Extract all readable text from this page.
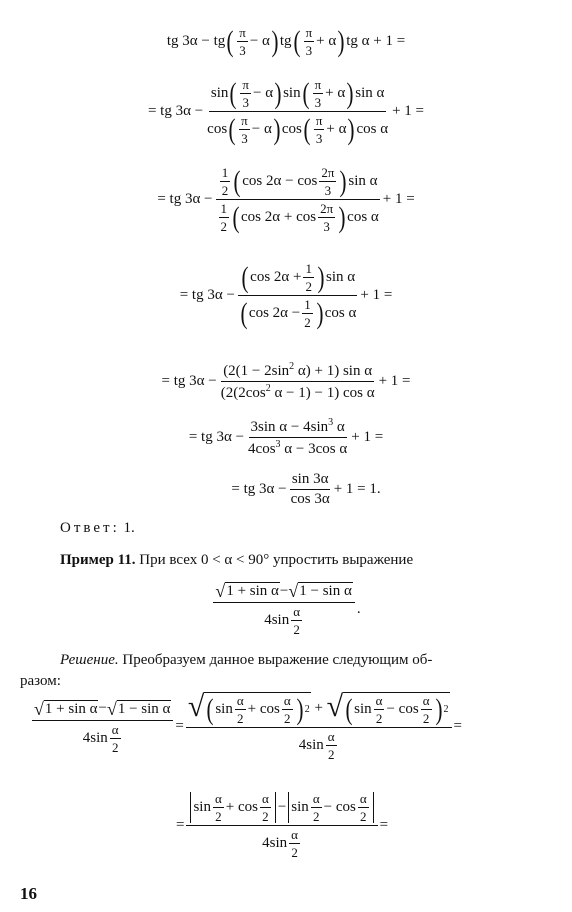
tg 3α − tg ( $\frac{\pi}{3} - \alpha$ ) tg ( $\frac{\pi}{3} + \alpha$ ) tg α + 1 =
= tg $3\alpha - \frac{\sin ( \frac{\pi}{3} - \alpha ) \sin ( \frac{\pi}{3} + \alpha ) \sin \alpha}{\cos ( \frac{\pi}{3} - \alpha ) \cos ( \frac{\pi}{3} + \alpha ) \cos \alpha} + 1$ =
= tg $3\alpha - \frac{\frac{1}{2} ( \cos 2\alpha - \cos \frac{2\pi}{3} ) \sin \alpha}{\frac{1}{2} ( \cos 2\alpha + \cos \frac{2\pi}{3} ) \cos \alpha} + 1$ =
= tg $3\alpha - \frac{( \cos 2\alpha + \frac{1}{2} ) \sin \alpha}{( \cos 2\alpha - \frac{1}{2} ) \cos \alpha} + 1$ =
= tg $3\alpha - \frac{(2(1 - 2\sin^2 \alpha) + 1) \sin \alpha}{(2(2\cos^2 \alpha - 1) - 1) \cos \alpha} + 1$ =
= tg $3\alpha - \frac{3\sin \alpha - 4\sin^3 \alpha}{4\cos^3 \alpha - 3\cos \alpha} + 1$ =
= tg $3\alpha - \frac{\sin 3\alpha}{\cos 3\alpha} + 1 = 1$.
Ответ: 1.
Пример 11. При всех 0 < α < 90° упростить выражение
$\frac{\text{√ 1 + sin α − √ 1 − sin α}}{4\sin \frac{\alpha}{2}}$ .
Решение. Преобразуем данное выражение следующим об-
разом:
$\frac{\text{√ 1 + sin α − √ 1 − sin α}}{4\sin \frac{\alpha}{2}} = \frac{√ ( \sin \frac{\alpha}{2} + \cos \frac{\alpha}{2} ) 2 + √ ( \sin \frac{\alpha}{2} - \cos \frac{\alpha}{2} ) 2}{4\sin \frac{\alpha}{2}}$ =
= $\sin \frac{\alpha}{2} + \cos \frac{\alpha}{2}$ −
$\sin \frac{\alpha}{2} - \cos \frac{\alpha}{2}$
$4\sin \frac{\alpha}{2}$ =
16
